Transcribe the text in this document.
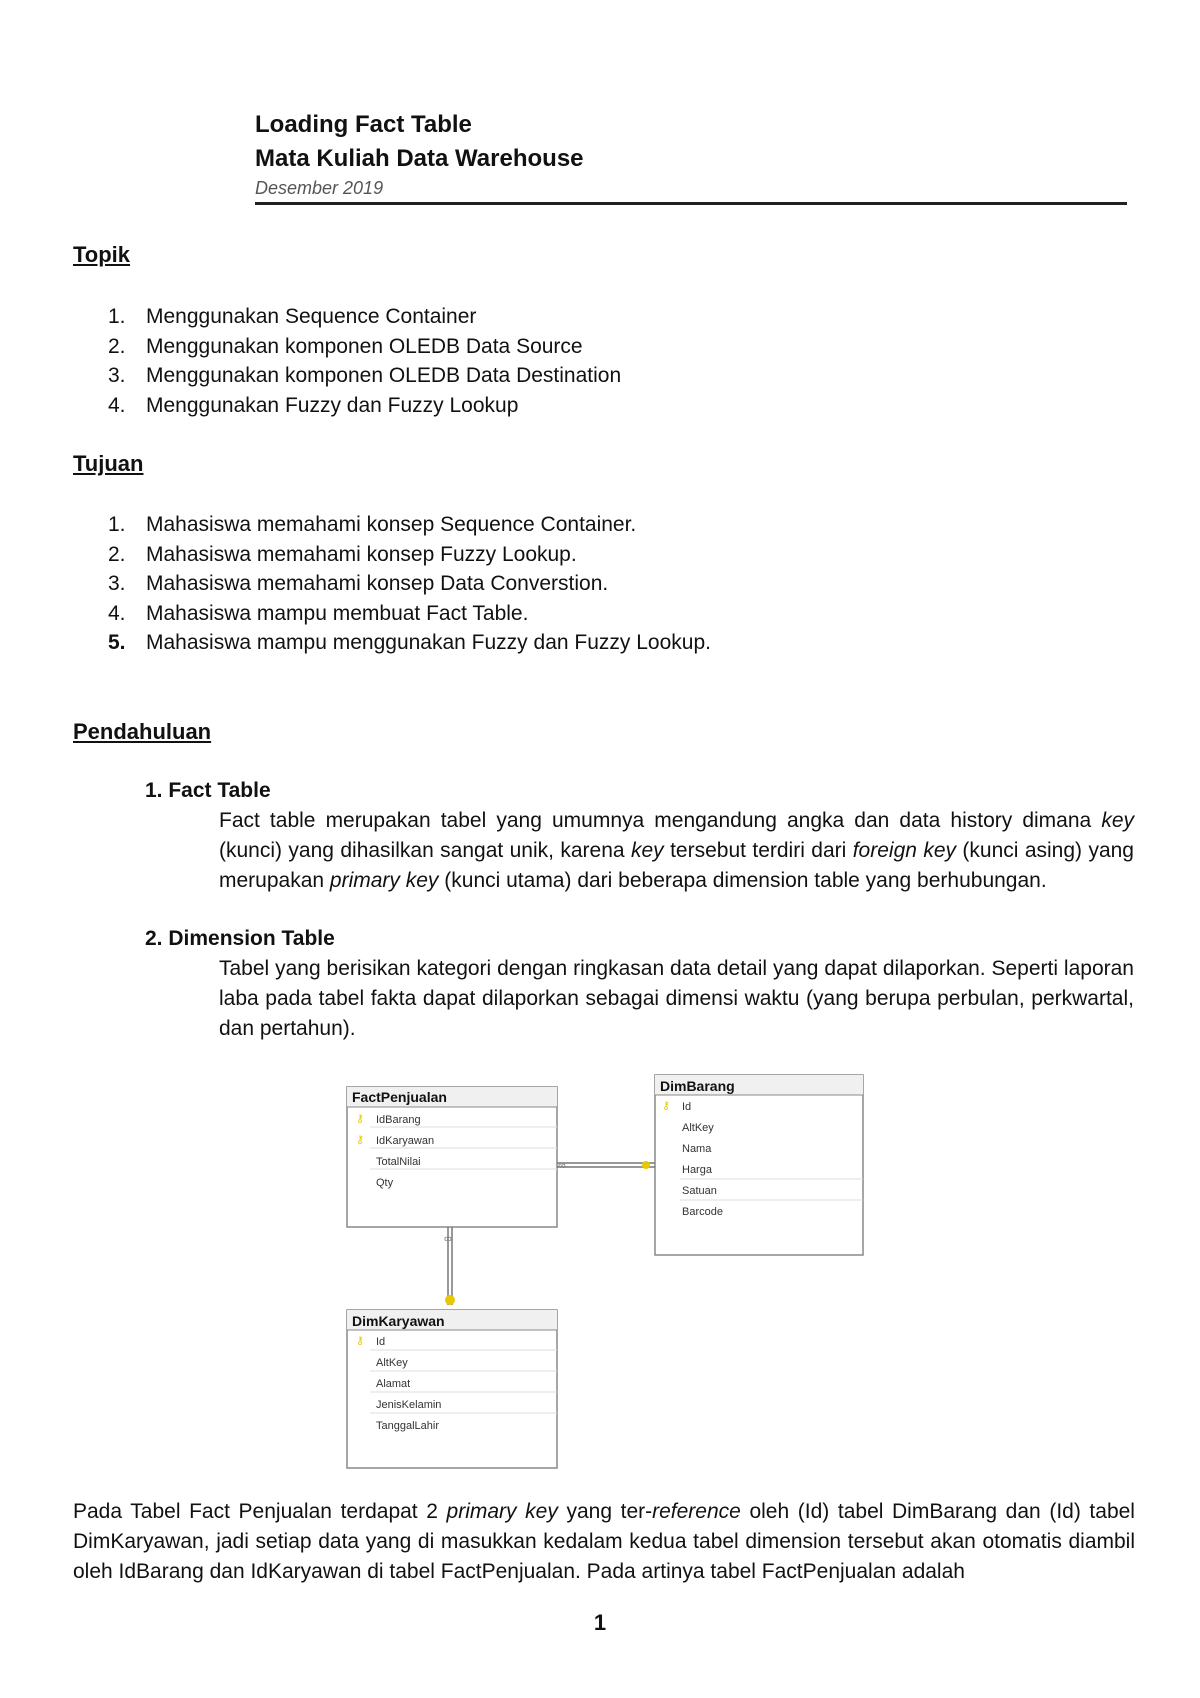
Loading Fact Table
Mata Kuliah Data Warehouse
Desember 2019
Topik
1. Menggunakan Sequence Container
2. Menggunakan komponen OLEDB Data Source
3. Menggunakan komponen OLEDB Data Destination
4. Menggunakan Fuzzy dan Fuzzy Lookup
Tujuan
1. Mahasiswa memahami konsep Sequence Container.
2. Mahasiswa memahami konsep Fuzzy Lookup.
3. Mahasiswa memahami konsep Data Converstion.
4. Mahasiswa mampu membuat Fact Table.
5. Mahasiswa mampu menggunakan Fuzzy dan Fuzzy Lookup.
Pendahuluan
1. Fact Table
Fact table merupakan tabel yang umumnya mengandung angka dan data history dimana key (kunci) yang dihasilkan sangat unik, karena key tersebut terdiri dari foreign key (kunci asing) yang merupakan primary key (kunci utama) dari beberapa dimension table yang berhubungan.
2. Dimension Table
Tabel yang berisikan kategori dengan ringkasan data detail yang dapat dilaporkan. Seperti laporan laba pada tabel fakta dapat dilaporkan sebagai dimensi waktu (yang berupa perbulan, perkwartal, dan pertahun).
FactPenjualan
⚷ IdBarang
⚷ IdKaryawan
TotalNilai
Qty
DimBarang
⚷ Id
AltKey
Nama
Harga
Satuan
Barcode
∞
∞
DimKaryawan
⚷ Id
AltKey
Alamat
JenisKelamin
TanggalLahir
Pada Tabel Fact Penjualan terdapat 2 primary key yang ter-reference oleh (Id) tabel DimBarang dan (Id) tabel DimKaryawan, jadi setiap data yang di masukkan kedalam kedua tabel dimension tersebut akan otomatis diambil oleh IdBarang dan IdKaryawan di tabel FactPenjualan. Pada artinya tabel FactPenjualan adalah
1
